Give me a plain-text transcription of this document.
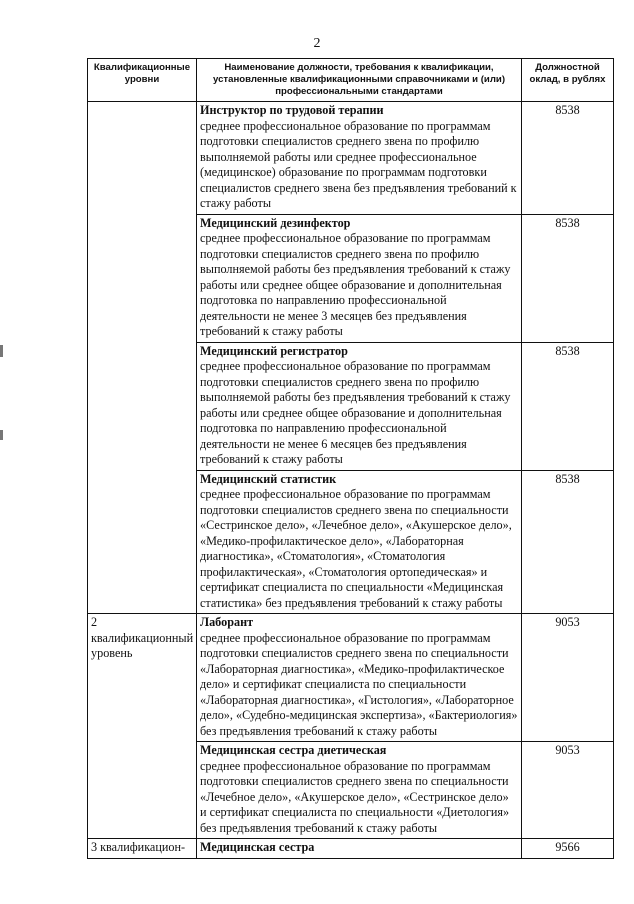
2
Квалификационные уровни	Наименование должности, требования к квалификации, установленные квалификационными справочниками и (или) профессиональными стандартами	Должностной оклад, в рублях

	Инструктор по трудовой терапии
среднее профессиональное образование по программам подготовки специалистов среднего звена по профилю выполняемой работы или среднее профессиональное (медицинское) образование по программам подготовки специалистов среднего звена без предъявления требований к стажу работы	8538

	Медицинский дезинфектор
среднее профессиональное образование по программам подготовки специалистов среднего звена по профилю выполняемой работы без предъявления требований к стажу работы или среднее общее образование и дополнительная подготовка по направлению профессиональной деятельности не менее 3 месяцев без предъявления требований к стажу работы	8538

	Медицинский регистратор
среднее профессиональное образование по программам подготовки специалистов среднего звена по профилю выполняемой работы без предъявления требований к стажу работы или среднее общее образование и дополнительная подготовка по направлению профессиональной деятельности не менее 6 месяцев без предъявления требований к стажу работы	8538

	Медицинский статистик
среднее профессиональное образование по программам подготовки специалистов среднего звена по специальности «Сестринское дело», «Лечебное дело», «Акушерское дело», «Медико-профилактическое дело», «Лабораторная диагностика», «Стоматология», «Стоматология профилактическая», «Стоматология ортопедическая» и сертификат специалиста по специальности «Медицинская статистика» без предъявления требований к стажу работы	8538
2 квалификационный уровень	Лаборант
среднее профессиональное образование по программам подготовки специалистов среднего звена по специальности «Лабораторная диагностика», «Медико-профилактическое дело» и сертификат специалиста по специальности «Лабораторная диагностика», «Гистология», «Лабораторное дело», «Судебно-медицинская экспертиза», «Бактериология» без предъявления требований к стажу работы	9053

	Медицинская сестра диетическая
среднее профессиональное образование по программам подготовки специалистов среднего звена по специальности «Лечебное дело», «Акушерское дело», «Сестринское дело» и сертификат специалиста по специальности «Диетология» без предъявления требований к стажу работы	9053
3 квалификацион-	Медицинская сестра	9566
